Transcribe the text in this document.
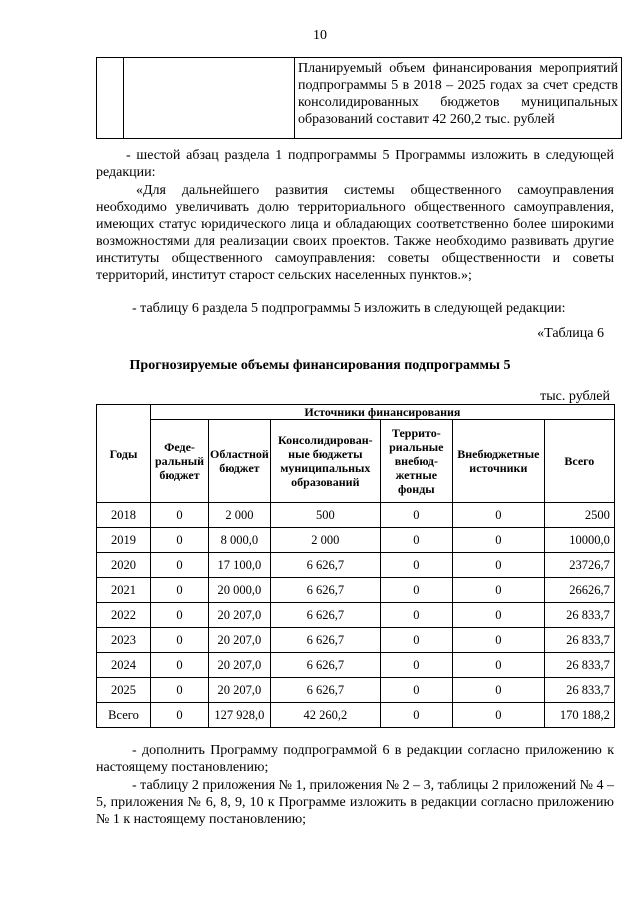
10
		Планируемый объем финансирования мероприятий подпрограммы 5 в 2018 – 2025 годах за счет средств консолидированных бюджетов муниципальных образований составит 42 260,2 тыс. рублей
- шестой абзац раздела 1 подпрограммы 5 Программы изложить в следующей редакции:
«Для дальнейшего развития системы общественного самоуправления необходимо увеличивать долю территориального общественного самоуправления, имеющих статус юридического лица и обладающих соответственно более широкими возможностями для реализации своих проектов. Также необходимо развивать другие институты общественного самоуправления: советы общественности и советы территорий, институт старост сельских населенных пунктов.»;
- таблицу 6 раздела 5 подпрограммы 5 изложить в следующей редакции:
«Таблица 6
Прогнозируемые объемы финансирования подпрограммы 5
тыс. рублей
Годы	Источники финансирования					
	Феде-ральный бюджет	Областной бюджет	Консолидирован-ные бюджеты муниципальных образований	Террито-риальные внебюд-жетные фонды	Внебюджетные источники	Всего
2018	0	2 000	500	0	0	2500
2019	0	8 000,0	2 000	0	0	10000,0
2020	0	17 100,0	6 626,7	0	0	23726,7
2021	0	20 000,0	6 626,7	0	0	26626,7
2022	0	20 207,0	6 626,7	0	0	26 833,7
2023	0	20 207,0	6 626,7	0	0	26 833,7
2024	0	20 207,0	6 626,7	0	0	26 833,7
2025	0	20 207,0	6 626,7	0	0	26 833,7
Всего	0	127 928,0	42 260,2	0	0	170 188,2
- дополнить Программу подпрограммой 6 в редакции согласно приложению к настоящему постановлению;
- таблицу 2 приложения № 1, приложения № 2 – 3, таблицы 2 приложений № 4 – 5, приложения № 6, 8, 9, 10 к Программе изложить в редакции согласно приложению № 1 к настоящему постановлению;
